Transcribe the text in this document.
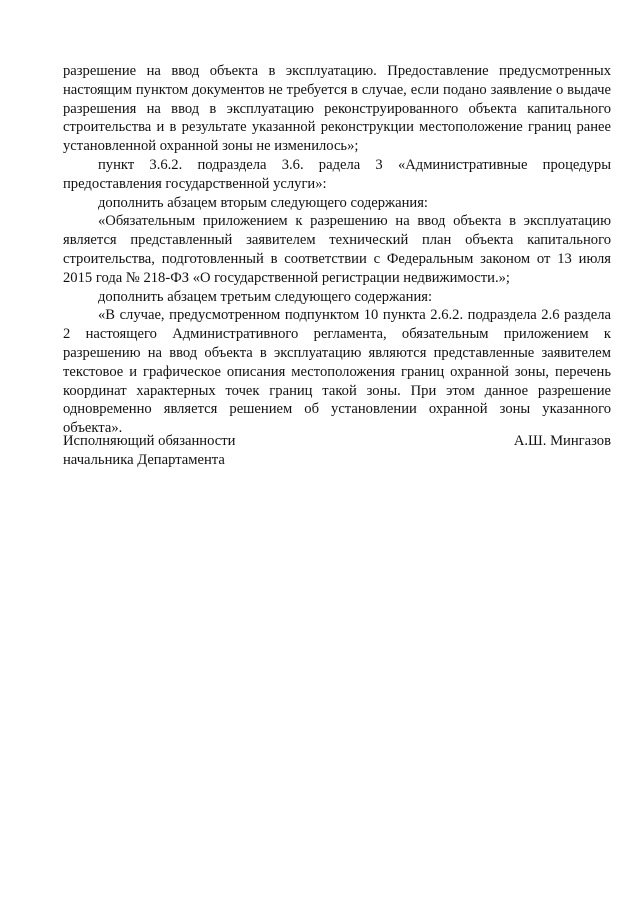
разрешение на ввод объекта в эксплуатацию. Предоставление предусмотренных настоящим пунктом документов не требуется в случае, если подано заявление о выдаче разрешения на ввод в эксплуатацию реконструированного объекта капитального строительства и в результате указанной реконструкции местоположение границ ранее установленной охранной зоны не изменилось»;

пункт 3.6.2. подраздела 3.6. радела 3 «Административные процедуры предоставления государственной услуги»:

дополнить абзацем вторым следующего содержания:

«Обязательным приложением к разрешению на ввод объекта в эксплуатацию является представленный заявителем технический план объекта капитального строительства, подготовленный в соответствии с Федеральным законом от 13 июля 2015 года № 218-ФЗ «О государственной регистрации недвижимости.»;

дополнить абзацем третьим следующего содержания:

«В случае, предусмотренном подпунктом 10 пункта 2.6.2. подраздела 2.6 раздела 2 настоящего Административного регламента, обязательным приложением к разрешению на ввод объекта в эксплуатацию являются представленные заявителем текстовое и графическое описания местоположения границ охранной зоны, перечень координат характерных точек границ такой зоны. При этом данное разрешение одновременно является решением об установлении охранной зоны указанного объекта».

Исполняющий обязанности
начальника Департамента
А.Ш. Мингазов
